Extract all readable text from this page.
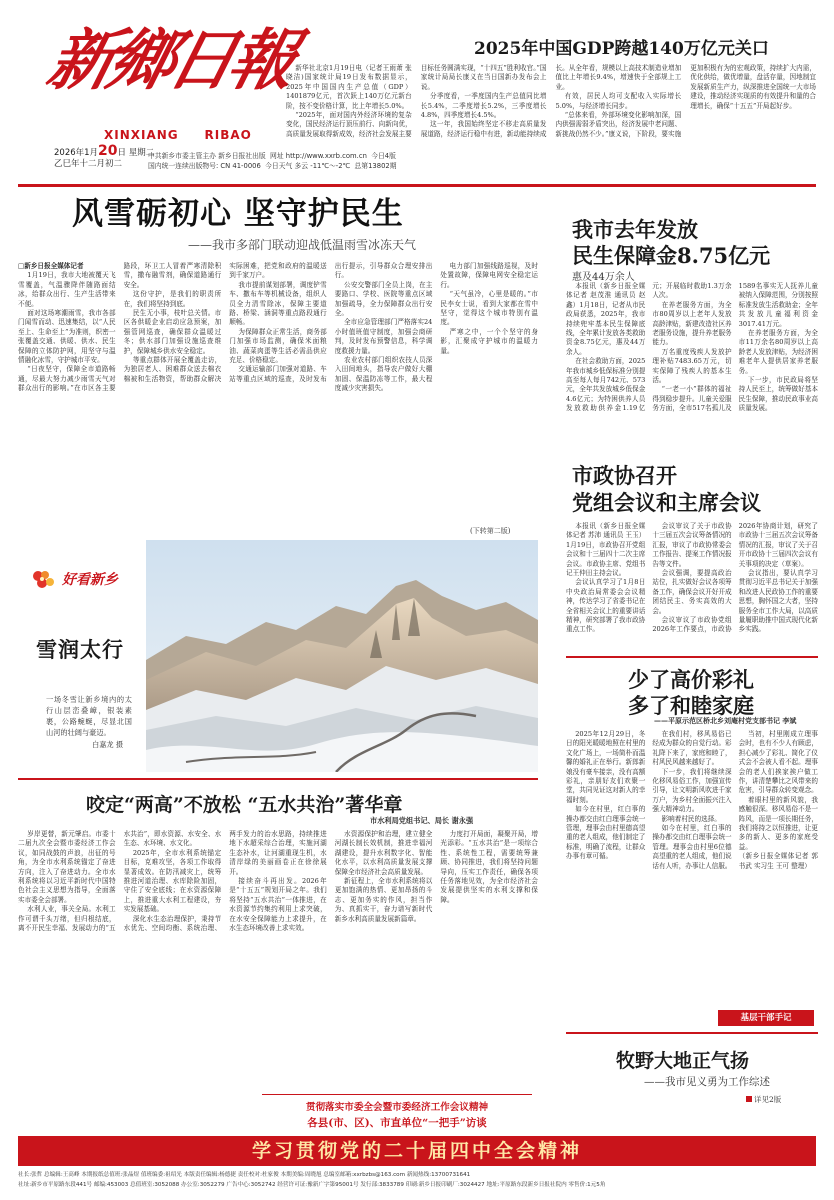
新鄉日報
XINXIANG RIBAO
2026年1月20日 星期二
乙巳年十二月初二
中共新乡市委主管主办 新乡日报社出版 网址 http://www.xxrb.com.cn 今日4版
国内统一连续出版物号: CN 41-0006 今日天气 多云 -11℃～-2℃ 总第13802期
2025年中国GDP跨越140万亿元关口

新华社北京1月19日电（记者王雨萧 张晓洁)国家统计局19日发布数据显示，2025年中国国内生产总值（GDP）1401879亿元，首次跃上140万亿元新台阶，按不变价格计算，比上年增长5.0%。

“2025年，面对国内外经济环境的复杂变化，国民经济运行顶压前行、向新向优，高质量发展取得新成效，经济社会发展主要目标任务圆满实现，“十四五”胜利收官。”国家统计局局长康义在当日国新办发布会上说。

分季度看，一季度国内生产总值同比增长5.4%，二季度增长5.2%，三季度增长4.8%，四季度增长4.5%。

这一年，我国始终坚定不移走高质量发展道路，经济运行稳中有进，新动能持续成长。从全年看，规模以上高技术制造业增加值比上年增长9.4%，增速快于全部规上工业。

有效，居民人均可支配收入实际增长5.0%，与经济增长同步。

“总体来看，外部环境变化影响加深，国内供强需弱矛盾突出，经济发展中老问题、新挑战仍然不少。”康义说，下阶段，要实施更加积极有为的宏观政策，持续扩大内需，优化供给，做优增量，盘活存量，因地制宜发展新质生产力，纵深推进全国统一大市场建设，推动经济实现质的有效提升和量的合理增长，确保“十五五”开局起好步。

风雪砺初心 坚守护民生
——我市多部门联动迎战低温雨雪冰冻天气

□新乡日报全媒体记者

1月19日，我市大地被覆天飞雪覆盖，气温骤降伴随路面结冰，给群众出行、生产生活带来不便。

面对这场寒潮雨雪，我市各部门闻雪而动、迅速集结，以“人民至上、生命至上”为准则，织密一张覆盖交通、供暖、供水、民生保障的立体防护网，用坚守与温情融化冰雪，守护城市平安。

“日夜坚守，保障全市道路畅通，尽最大努力减少雨雪天气对群众出行的影响。”在市区各主要路段，环卫工人冒着严寒清除积雪，撒布融雪剂，确保道路通行安全。

这份守护，是我们的职责所在，我们将坚持到底。

民生无小事，枝叶总关情。市区各供暖企业启动应急预案，加强管网巡查，确保群众温暖过冬；供水部门加强设施巡查维护，保障城乡供水安全稳定。

等重点群体开展全覆盖走访，为独居老人、困难群众送去棉衣棉被和生活物资，帮助群众解决实际困难，把党和政府的温暖送到千家万户。

我市提前谋划部署，调度铲雪车、撒布车等机械设备，组织人员全力清雪除冰，保障主要道路、桥梁、涵洞等重点路段通行顺畅。

为保障群众正常生活，商务部门加强市场监测，确保米面粮油、蔬菜肉蛋等生活必需品供应充足、价格稳定。

交通运输部门加强对道路、车站等重点区域的巡查，及时发布出行提示，引导群众合理安排出行。

公安交警部门全员上岗，在主要路口、学校、医院等重点区域加强疏导，全力保障群众出行安全。

全市应急管理部门严格落实24小时值班值守制度，加强会商研判，及时发布预警信息，科学调度救援力量。

农业农村部门组织农技人员深入田间地头，指导农户做好大棚加固、保温防冻等工作，最大程度减少灾害损失。

电力部门加强线路巡视，及时处置故障，保障电网安全稳定运行。

“天气虽冷，心里是暖的。”市民李女士说，看到大家都在雪中坚守，觉得这个城市特别有温度。

严寒之中，一个个坚守的身影，汇聚成守护城市的温暖力量。

(下转第二版)
好看新乡
雪润太行
一场冬雪让新乡境内的太行山层峦叠嶂，银装素裹，公路蜿蜒，尽显北国山河的壮阔与豪迈。
白嘉龙 摄
我市去年发放
民生保障金8.75亿元
惠及44万余人

本报讯（新乡日报全媒体记者 赵茂淮 通讯员 赵鑫）1月18日，记者从市民政局获悉，2025年，我市持续兜牢基本民生保障底线，全年累计发放各类救助资金8.75亿元，惠及44万余人。

在社会救助方面，2025年我市城乡低保标准分别提高至每人每月742元、573元，全年共发放城乡低保金4.6亿元；为特困供养人员发放救助供养金1.19亿元；开展临时救助1.3万余人次。

在养老服务方面，为全市80周岁以上老年人发放高龄津贴，新建改造社区养老服务设施，提升养老服务能力。

万名重度残疾人发放护理补贴7483.65万元，切实保障了残疾人的基本生活。

“一老一小”群体的福祉得到稳步提升。儿童关爱服务方面，全市517名孤儿及1589名事实无人抚养儿童被纳入保障范围，分别按照标准发放生活救助金；全年共发放儿童福利资金3017.41万元。

在养老服务方面，为全市11万余名80周岁以上高龄老人发放津贴，为经济困难老年人提供居家养老服务。

下一步，市民政局将坚持人民至上，统筹做好基本民生保障，推动民政事业高质量发展。

市政协召开
党组会议和主席会议

本报讯（新乡日报全媒体记者 苏沛 通讯员 王玉）1月19日，市政协召开党组会议和十三届四十二次主席会议。市政协主席、党组书记王仲田主持会议。

会议认真学习了1月8日中央政治局常委会会议精神，传达学习了省委书记在全省相关会议上的重要讲话精神，研究部署了我市政协重点工作。

会议审议了关于市政协十三届五次会议筹备情况的汇报，审议了市政协常委会工作报告、提案工作情况报告等文件。

会议强调，要提高政治站位，扎实做好会议各项筹备工作，确保会议开好开成团结民主、务实高效的大会。

会议审议了市政协党组2026年工作要点，市政协2026年协商计划，研究了市政协十三届五次会议筹备情况的汇报，审议了关于召开市政协十三届四次会议有关事项的决定（草案）。

会议指出，要认真学习贯彻习近平总书记关于加强和改进人民政协工作的重要思想，胸怀国之大者，坚持服务全市工作大局，以高质量履职助推中国式现代化新乡实践。

咬定“两高”不放松 “五水共治”著华章
市水利局党组书记、局长 谢永强

岁岸更替，新元肇启。市委十二届九次全会暨市委经济工作会议，如同战鼓的声浪，出征的号角，为全市水利系统锚定了奋进方向，注入了奋进动力。全市水利系统将以习近平新时代中国特色社会主义思想为指导，全面落实市委全会部署。

水利人业，事关全局。水利工作可谓千头万绪，但归根结底，离不开民生幸福、发展动力的“五水共治”，即水资源、水安全、水生态、水环境、水文化。

2025年，全市水利系统锚定目标，克难攻坚，各项工作取得显著成效。在防汛减灾上，统筹推进河道治理、水库除险加固，守住了安全底线；在水资源保障上，推进重大水利工程建设，夯实发展基础。

深化水生态治理保护，秉持节水优先、空间均衡、系统治理、两手发力的治水思路，持续推进地下水超采综合治理，实施河湖生态补水，让河湖重现生机，水清岸绿的美丽画卷正在徐徐展开。

接续奋斗再出发。2026年是“十五五”规划开局之年。我们将坚持“五水共治”一体推进，在水资源节约集约利用上求突破，在水安全保障能力上求提升，在水生态环境改善上求实效。

水资源保护和治理，建立健全河湖长制长效机制，推进幸福河湖建设，提升水利数字化、智能化水平，以水利高质量发展支撑保障全市经济社会高质量发展。

新征程上，全市水利系统将以更加饱满的热情、更加昂扬的斗志、更加务实的作风，担当作为、真抓实干，奋力谱写新时代新乡水利高质量发展新篇章。

力度打开局面，凝聚开局，增光添彩。“五水共治”是一项综合性、系统性工程，需要统筹兼顾、协同推进，我们将坚持问题导向，压实工作责任，确保各项任务落地见效，为全市经济社会发展提供坚实的水利支撑和保障。

贯彻落实市委全会暨市委经济工作会议精神
各县(市、区)、市直单位“一把手”访谈
少了高价彩礼
多了和睦家庭
——平原示范区桥北乡刘庵村党支部书记 李斌

2025年12月29日，冬日的阳光暖暖地照在村里的文化广场上，一场简朴而温馨的婚礼正在举行。新郎新娘没有豪车接亲，没有高额彩礼，亲朋好友们欢聚一堂，共同见证这对新人的幸福时刻。

如今在村里，红白事的操办都交由红白理事会统一管理，理事会由村里德高望重的老人组成，他们制定了标准，明确了流程，让群众办事有章可循。

在我们村，移风易俗已经成为群众的自觉行动。彩礼降下来了，家庭和睦了，村风民风越来越好了。

下一步，我们将继续深化移风易俗工作，加强宣传引导，让文明新风吹进千家万户，为乡村全面振兴注入强大精神动力。

影响着村民的选择。

如今在村里，红白事的操办都交由红白理事会统一管理。理事会由村里6位德高望重的老人组成，他们说话有人听，办事让人信服。

当初，村里刚成立理事会时，也有不少人有顾虑，担心减少了彩礼、简化了仪式会不会被人看不起。理事会的老人们挨家挨户做工作，讲清楚攀比之风带来的危害，引导群众转变观念。

着眼村里的新风貌，我感触很深。移风易俗不是一阵风，而是一项长期任务，我们将持之以恒推进，让更多的新人、更多的家庭受益。

（新乡日报全媒体记者 郭书武 实习生 王可 整理）

基层干部手记
牧野大地正气扬
——我市见义勇为工作综述
详见2版
学习贯彻党的二十届四中全会精神
社长:张哲 总编辑:王高峰 本期报纸总值班:张晶煜 值班编委:祖绍光 本版责任编辑:杨德捷 责任校对:杜家俊 本期美编:周晓旭 总编室邮箱:xxrbzbs@163.com 新闻热线:13700731641
社址:新乡市平原路东段441号 邮编:453003 总值班室:3052088 办公室:3052279 广告中心:3052742 经营许可证:豫新广字第95001号 发行部:3833789 印刷:新乡日报印刷厂:3024427 地址:平原路东段新乡日报社院内 零售价:1元5角
